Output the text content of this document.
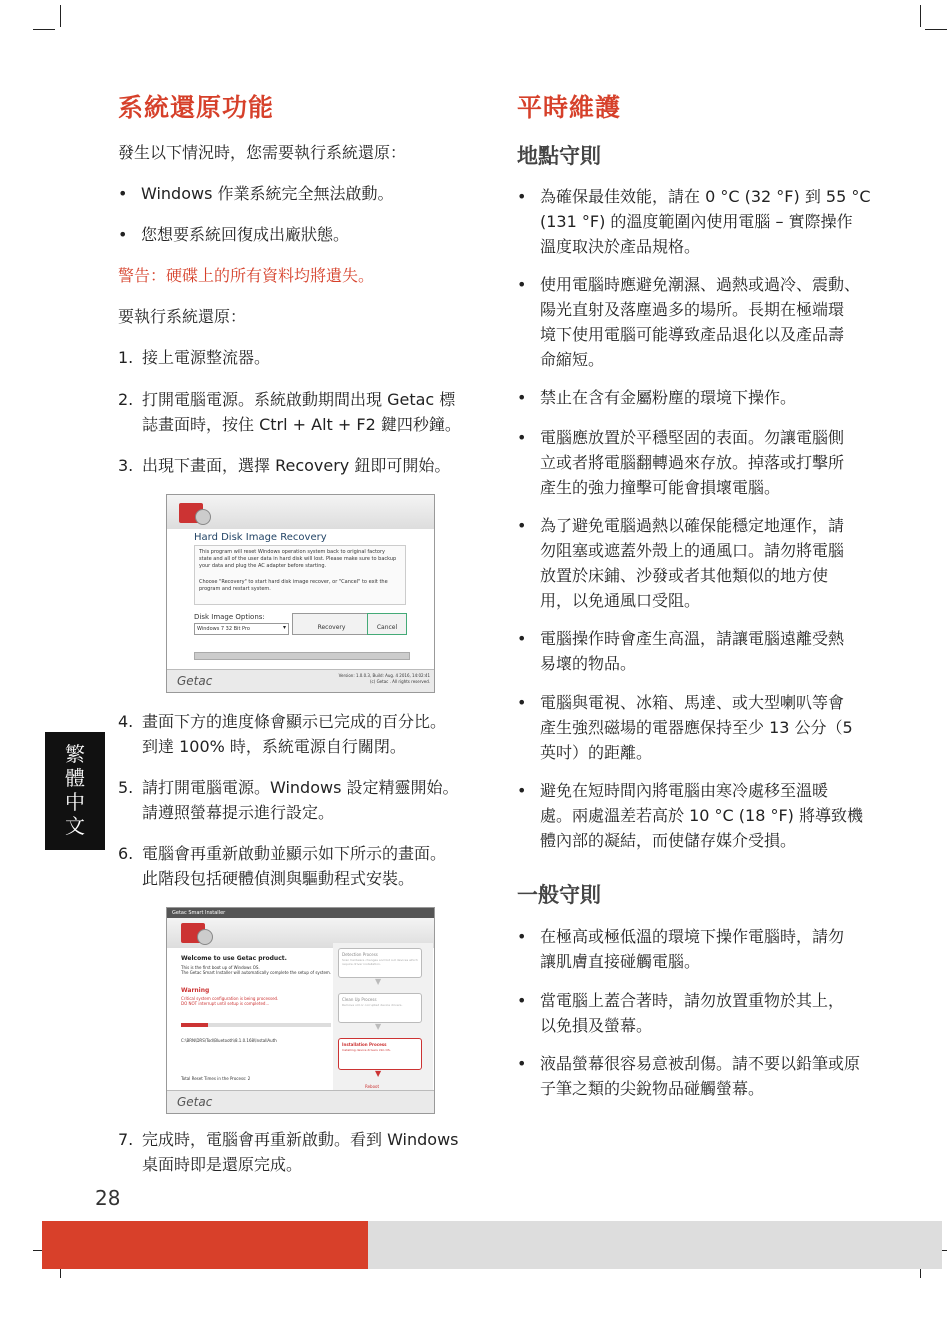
系統還原功能
發生以下情況時，您需要執行系統還原：
• Windows 作業系統完全無法啟動。
• 您想要系統回復成出廠狀態。
警告：硬碟上的所有資料均將遺失。
要執行系統還原：
1. 接上電源整流器。
2. 打開電腦電源。系統啟動期間出現 Getac 標
誌畫面時，按住 Ctrl + Alt + F2 鍵四秒鐘。
3. 出現下畫面，選擇 Recovery 鈕即可開始。
Hard Disk Image Recovery
This program will reset Windows operation system back to original factory state and all of the user data in hard disk will lost. Please make sure to backup your data and plug the AC adapter before starting.
Choose "Recovery" to start hard disk image recover, or "Cancel" to exit the program and restart system.
Disk Image Options:
Windows 7 32 Bit Pro	▾	Recovery	Cancel
Getac	Version: 1.0.0.3, Build: Aug. 4 2016, 14:02:41
(c) Getac . All rights reserved.
4. 畫面下方的進度條會顯示已完成的百分比。
到達 100% 時，系統電源自行關閉。
5. 請打開電腦電源。Windows 設定精靈開始。
請遵照螢幕提示進行設定。
6. 電腦會再重新啟動並顯示如下所示的畫面。
此階段包括硬體偵測與驅動程式安裝。
Getac Smart Installer
Welcome to use Getac product.
This is the first boot up of Windows OS.
The Getac Smart Installer will automatically complete the setup of system.
Warning
Critical system configuration is being processed.
DO NOT interrupt until setup is completed...
C:\BRN\DRS\Tod\Bluetooth\8.1.0.168\InstallAuth
Total Reset Times in the Process: 2
Detection Process
Scan hardware changes and list out devices which require driver installation.
▼
Clean Up Process
Remove old or corrupted device drivers.
▼
Installation Process
Installing device drivers into OS.
▼
Reboot
Getac
7. 完成時，電腦會再重新啟動。看到 Windows
桌面時即是還原完成。
繁
體
中
文
平時維護
地點守則
• 為確保最佳效能，請在 0 °C (32 °F) 到 55 °C
(131 °F) 的溫度範圍內使用電腦 – 實際操作
溫度取決於產品規格。
• 使用電腦時應避免潮濕、過熱或過冷、震動、
陽光直射及落塵過多的場所。長期在極端環
境下使用電腦可能導致產品退化以及產品壽
命縮短。
• 禁止在含有金屬粉塵的環境下操作。
• 電腦應放置於平穩堅固的表面。勿讓電腦側
立或者將電腦翻轉過來存放。掉落或打擊所
產生的強力撞擊可能會損壞電腦。
• 為了避免電腦過熱以確保能穩定地運作，請
勿阻塞或遮蓋外殼上的通風口。請勿將電腦
放置於床鋪、沙發或者其他類似的地方使
用，以免通風口受阻。
• 電腦操作時會產生高溫，請讓電腦遠離受熱
易壞的物品。
• 電腦與電視、冰箱、馬達、或大型喇叭等會
產生強烈磁場的電器應保持至少 13 公分（5
英吋）的距離。
• 避免在短時間內將電腦由寒冷處移至溫暖
處。兩處溫差若高於 10 °C (18 °F) 將導致機
體內部的凝結，而使儲存媒介受損。
一般守則
• 在極高或極低溫的環境下操作電腦時，請勿
讓肌膚直接碰觸電腦。
• 當電腦上蓋合著時，請勿放置重物於其上，
以免損及螢幕。
• 液晶螢幕很容易意被刮傷。請不要以鉛筆或原
子筆之類的尖銳物品碰觸螢幕。
28
